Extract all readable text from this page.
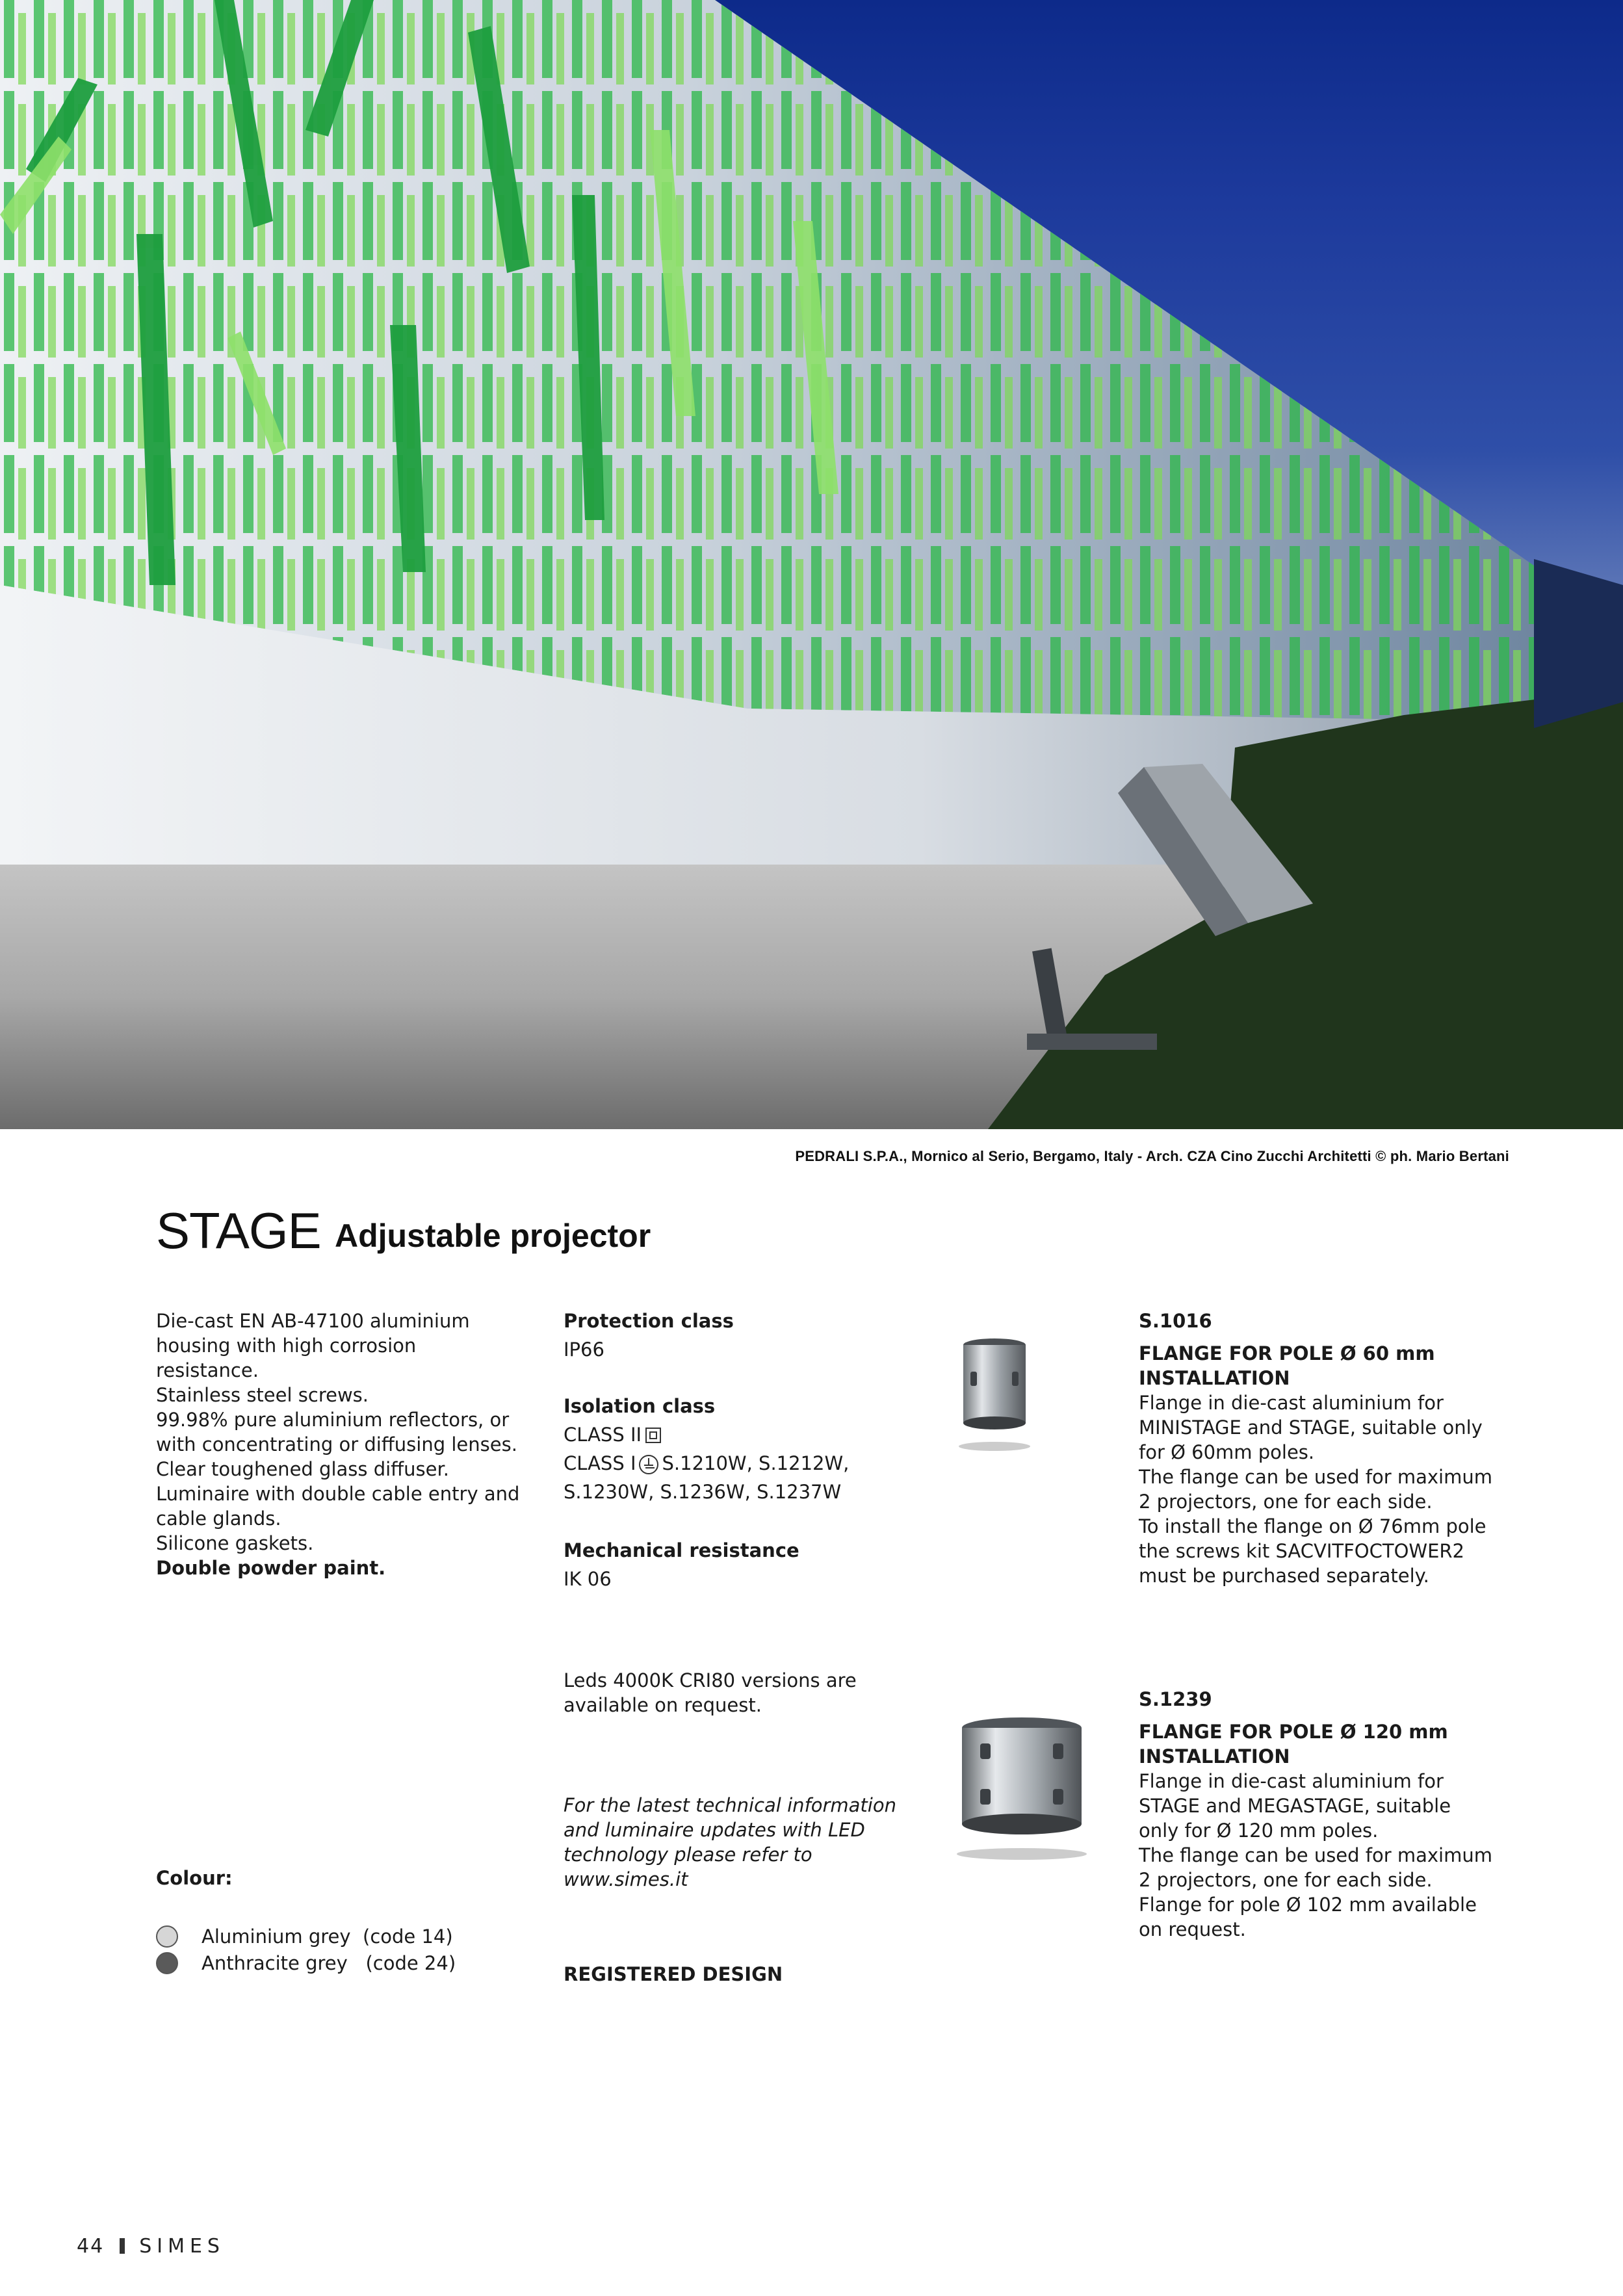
PEDRALI S.P.A., Mornico al Serio, Bergamo, Italy - Arch. CZA Cino Zucchi Architetti © ph. Mario Bertani
STAGE Adjustable projector

Die-cast EN AB-47100 aluminium

housing with high corrosion resistance.

Stainless steel screws.

99.98% pure aluminium reflectors, or

with concentrating or diffusing lenses.

Clear toughened glass diffuser.

Luminaire with double cable entry and

cable glands.

Silicone gaskets.

Double powder paint.

Protection class

IP66

Isolation class

CLASS II

CLASS I S.1210W, S.1212W,

S.1230W, S.1236W, S.1237W

Mechanical resistance

IK 06

Leds 4000K CRI80 versions are

available on request.

For the latest technical information

and luminaire updates with LED

technology please refer to

www.simes.it

REGISTERED DESIGN
Colour:
Aluminium grey (code 14)
Anthracite grey (code 24)

S.1016

FLANGE FOR POLE Ø 60 mm

INSTALLATION

Flange in die-cast aluminium for

MINISTAGE and STAGE, suitable only

for Ø 60mm poles.

The flange can be used for maximum

2 projectors, one for each side.

To install the flange on Ø 76mm pole

the screws kit SACVITFOCTOWER2

must be purchased separately.

S.1239

FLANGE FOR POLE Ø 120 mm

INSTALLATION

Flange in die-cast aluminium for

STAGE and MEGASTAGE, suitable

only for Ø 120 mm poles.

The flange can be used for maximum

2 projectors, one for each side.

Flange for pole Ø 102 mm available

on request.

44 SIMES
